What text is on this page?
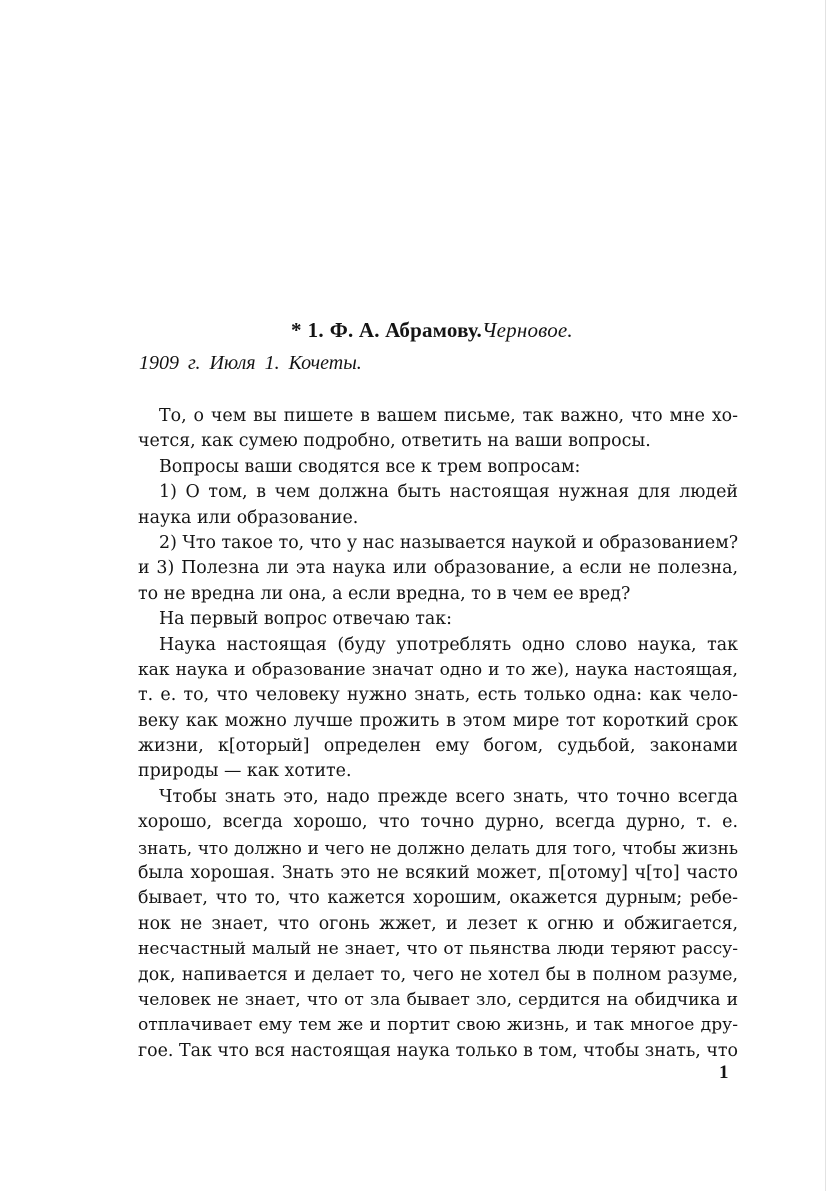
* 1. Ф. А. Абрамову.Черновое.
1909 г. Июля 1. Кочеты.
То, о чем вы пишете в вашем письме, так важно, что мне хо-
чется, как сумею подробно, ответить на ваши вопросы.
Вопросы ваши сводятся все к трем вопросам:
1) О том, в чем должна быть настоящая нужная для людей
наука или образование.
2) Что такое то, что у нас называется наукой и образованием?
и 3) Полезна ли эта наука или образование, а если не полезна,
то не вредна ли она, а если вредна, то в чем ее вред?
На первый вопрос отвечаю так:
Наука настоящая (буду употреблять одно слово наука, так
как наука и образование значат одно и то же), наука настоящая,
т. е. то, что человеку нужно знать, есть только одна: как чело-
веку как можно лучше прожить в этом мире тот короткий срок
жизни, к[оторый] определен ему богом, судьбой, законами
природы — как хотите.
Чтобы знать это, надо прежде всего знать, что точно всегда
хорошо, всегда хорошо, что точно дурно, всегда дурно, т. е.
знать, что должно и чего не должно делать для того, чтобы жизнь
была хорошая. Знать это не всякий может, п[отому] ч[то] часто
бывает, что то, что кажется хорошим, окажется дурным; ребе-
нок не знает, что огонь жжет, и лезет к огню и обжигается,
несчастный малый не знает, что от пьянства люди теряют рассу-
док, напивается и делает то, чего не хотел бы в полном разуме,
человек не знает, что от зла бывает зло, сердится на обидчика и
отплачивает ему тем же и портит свою жизнь, и так многое дру-
гое. Так что вся настоящая наука только в том, чтобы знать, что
1
